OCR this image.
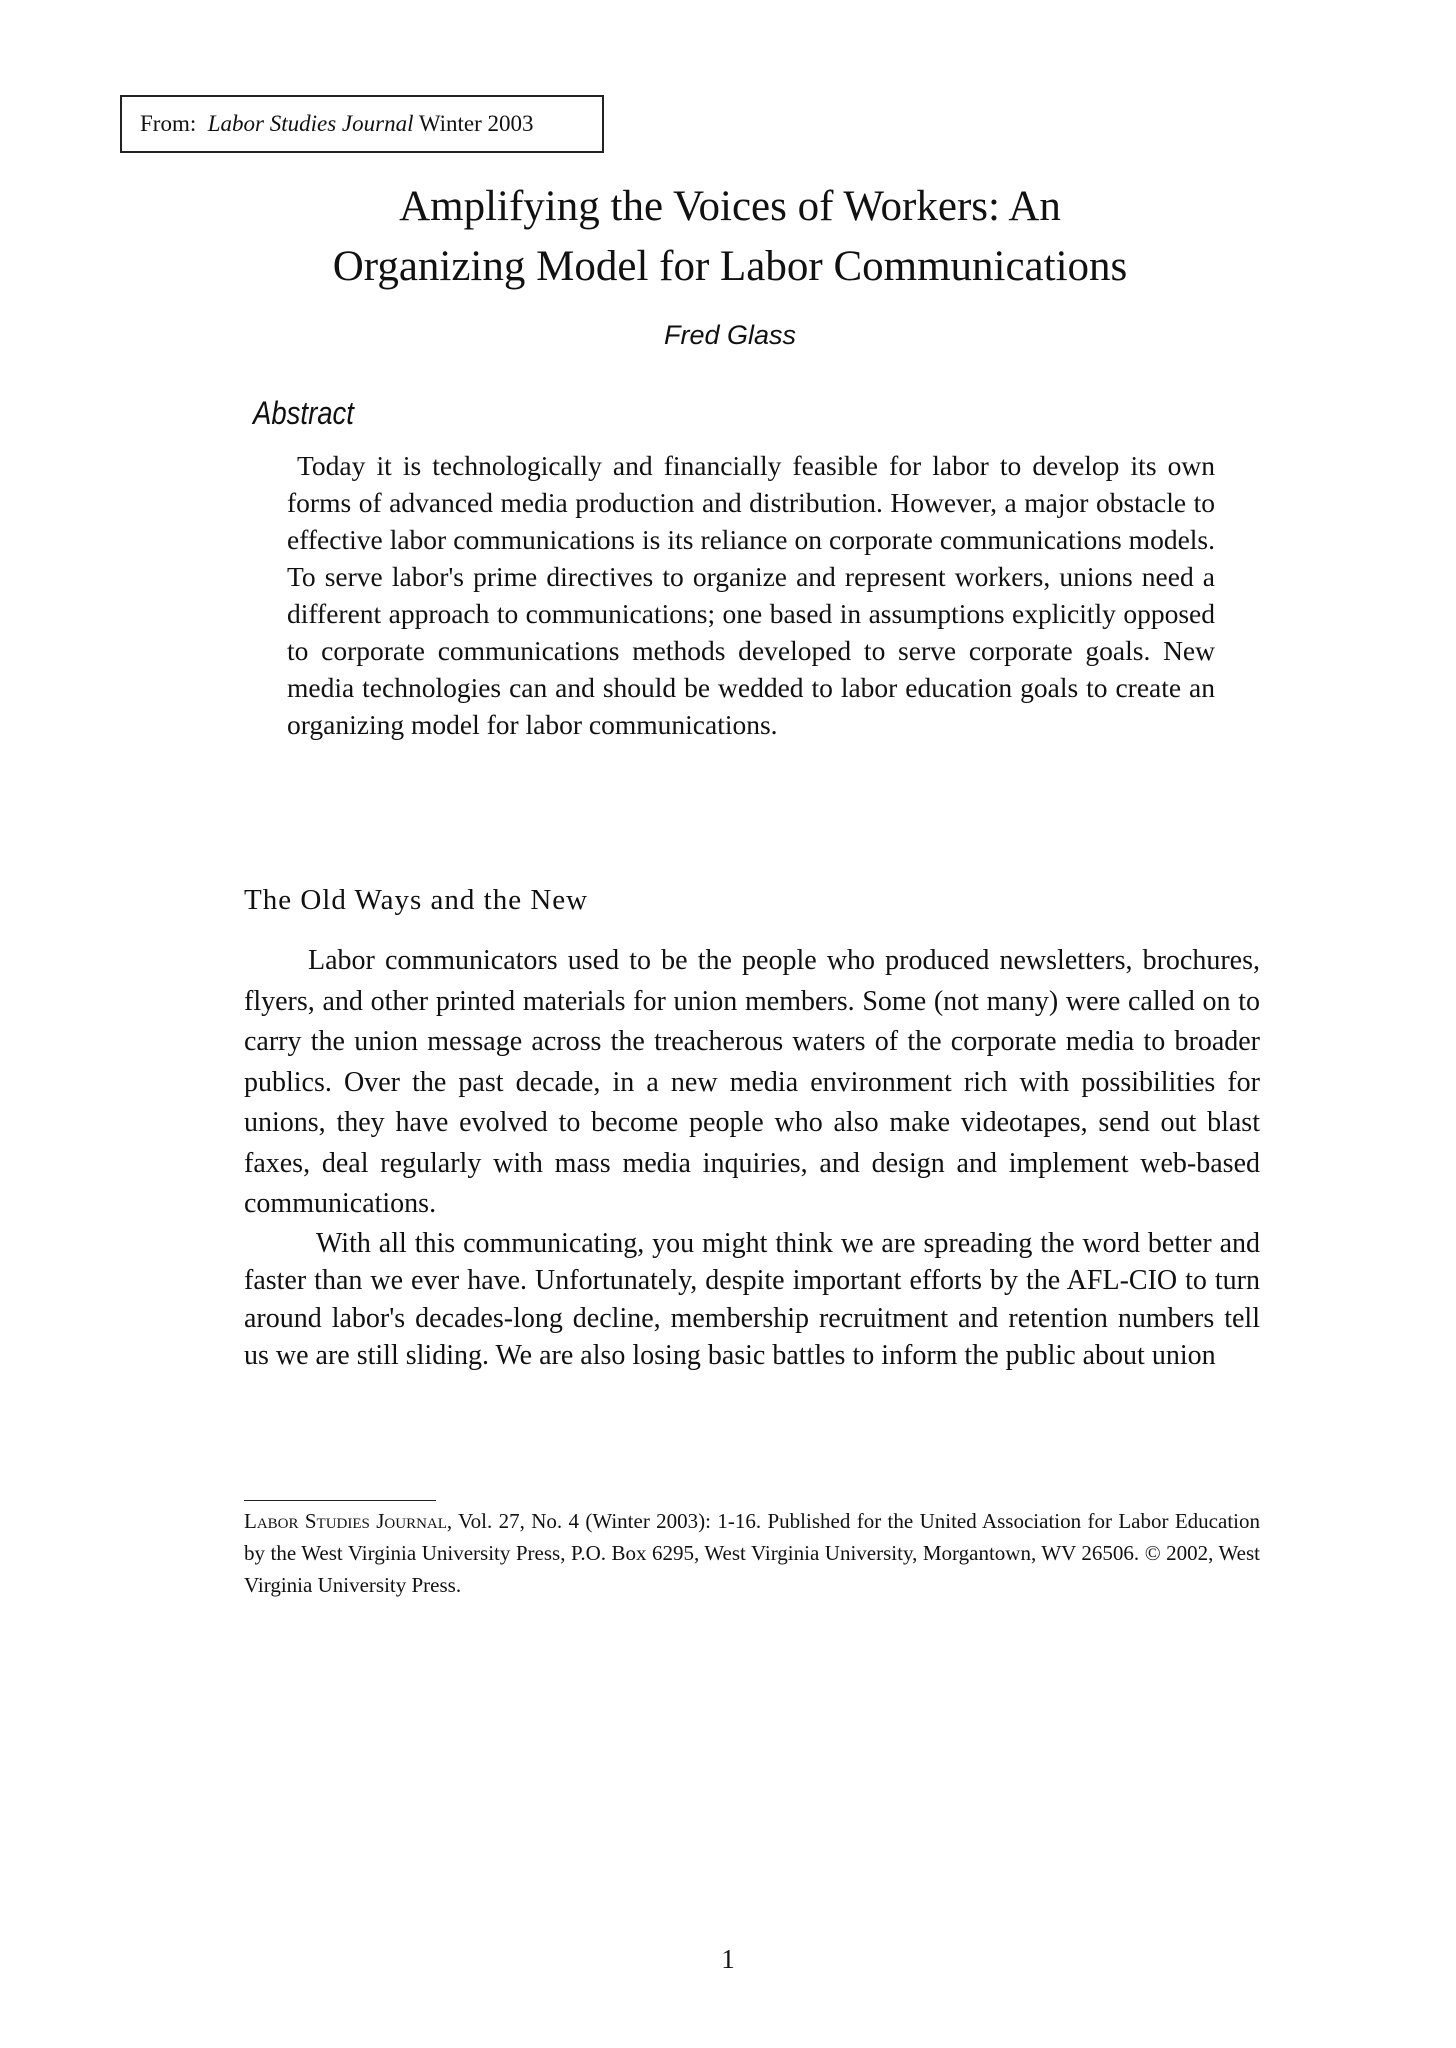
From: Labor Studies Journal Winter 2003
Amplifying the Voices of Workers: An
Organizing Model for Labor Communications
Fred Glass
Abstract

Today it is technologically and financially feasible for labor to develop its own forms of advanced media production and distribution. However, a major obstacle to effective labor communications is its reliance on corporate communications models. To serve labor's prime directives to organize and represent workers, unions need a different approach to communications; one based in assumptions explicitly opposed to corporate communications methods developed to serve corporate goals. New media technologies can and should be wedded to labor education goals to create an organizing model for labor communications.

The Old Ways and the New

Labor communicators used to be the people who produced newsletters, brochures, flyers, and other printed materials for union members. Some (not many) were called on to carry the union message across the treacherous waters of the corporate media to broader publics. Over the past decade, in a new media environment rich with possibilities for unions, they have evolved to become people who also make videotapes, send out blast faxes, deal regularly with mass media inquiries, and design and implement web-based communications.

With all this communicating, you might think we are spreading the word better and faster than we ever have. Unfortunately, despite important efforts by the AFL-CIO to turn around labor's decades-long decline, membership recruitment and retention numbers tell us we are still sliding. We are also losing basic battles to inform the public about union

Labor Studies Journal, Vol. 27, No. 4 (Winter 2003): 1-16. Published for the United Association for Labor Education by the West Virginia University Press, P.O. Box 6295, West Virginia University, Morgantown, WV 26506. © 2002, West Virginia University Press.

1
